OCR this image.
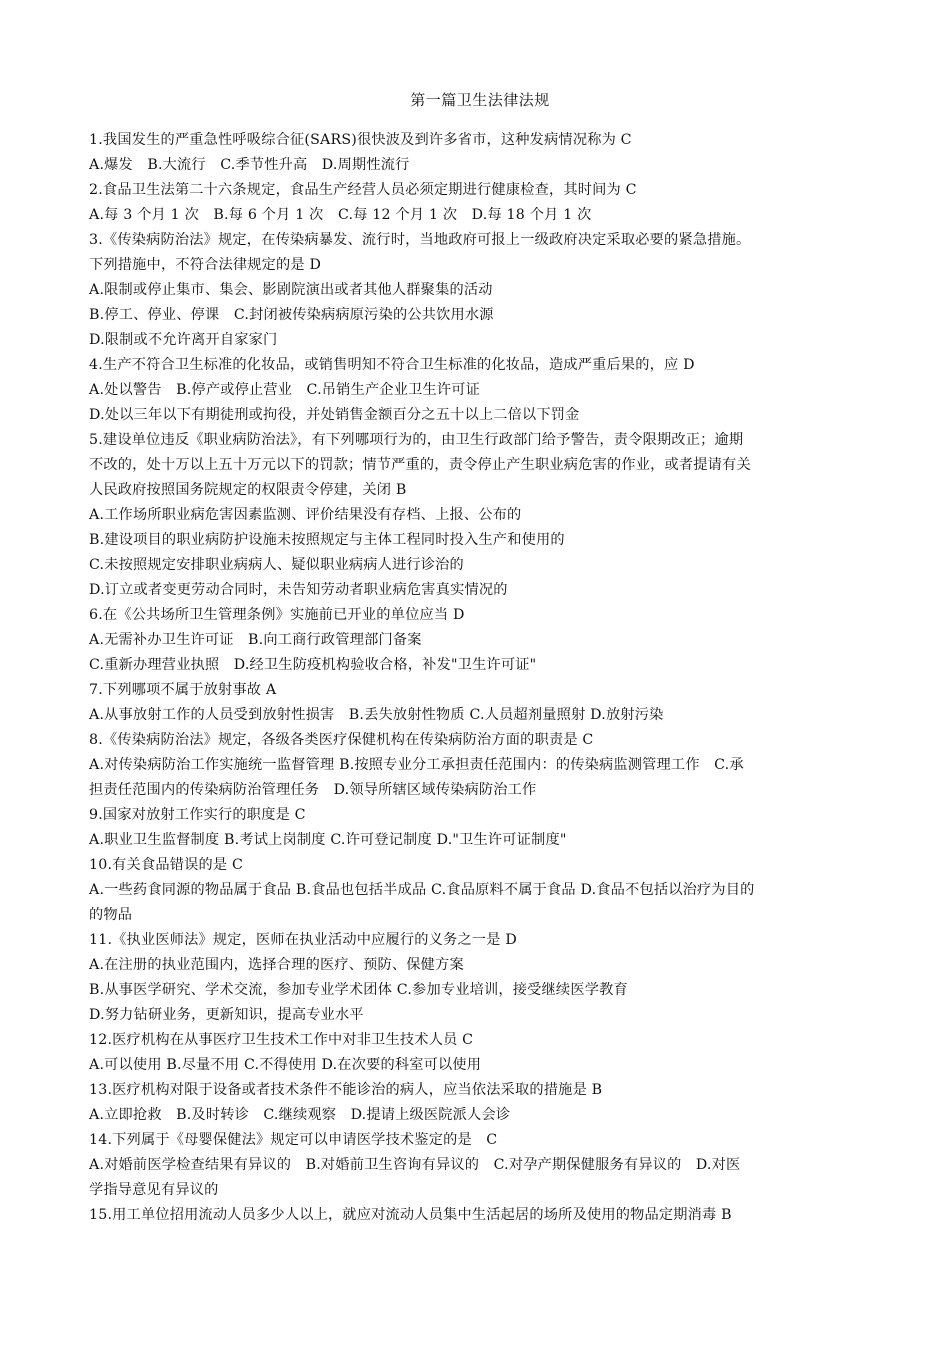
第一篇卫生法律法规
1.我国发生的严重急性呼吸综合征(SARS)很快波及到许多省市，这种发病情况称为 C
A.爆发　B.大流行　C.季节性升高　D.周期性流行
2.食品卫生法第二十六条规定，食品生产经营人员必须定期进行健康检查，其时间为 C
A.每 3 个月 1 次　B.每 6 个月 1 次　C.每 12 个月 1 次　D.每 18 个月 1 次
3.《传染病防治法》规定，在传染病暴发、流行时，当地政府可报上一级政府决定采取必要的紧急措施。
下列措施中，不符合法律规定的是 D
A.限制或停止集市、集会、影剧院演出或者其他人群聚集的活动
B.停工、停业、停课　C.封闭被传染病病原污染的公共饮用水源
D.限制或不允许离开自家家门
4.生产不符合卫生标准的化妆品，或销售明知不符合卫生标准的化妆品，造成严重后果的，应 D
A.处以警告　B.停产或停止营业　C.吊销生产企业卫生许可证
D.处以三年以下有期徒刑或拘役，并处销售金额百分之五十以上二倍以下罚金
5.建设单位违反《职业病防治法》，有下列哪项行为的，由卫生行政部门给予警告，责令限期改正；逾期
不改的，处十万以上五十万元以下的罚款；情节严重的，责令停止产生职业病危害的作业，或者提请有关
人民政府按照国务院规定的权限责令停建，关闭 B
A.工作场所职业病危害因素监测、评价结果没有存档、上报、公布的
B.建设项目的职业病防护设施未按照规定与主体工程同时投入生产和使用的
C.未按照规定安排职业病病人、疑似职业病病人进行诊治的
D.订立或者变更劳动合同时，未告知劳动者职业病危害真实情况的
6.在《公共场所卫生管理条例》实施前已开业的单位应当 D
A.无需补办卫生许可证　B.向工商行政管理部门备案
C.重新办理营业执照　D.经卫生防疫机构验收合格，补发"卫生许可证"
7.下列哪项不属于放射事故 A
A.从事放射工作的人员受到放射性损害　B.丢失放射性物质 C.人员超剂量照射 D.放射污染
8.《传染病防治法》规定，各级各类医疗保健机构在传染病防治方面的职责是 C
A.对传染病防治工作实施统一监督管理 B.按照专业分工承担责任范围内：的传染病监测管理工作　C.承
担责任范围内的传染病防治管理任务　D.领导所辖区域传染病防治工作
9.国家对放射工作实行的职度是 C
A.职业卫生监督制度 B.考试上岗制度 C.许可登记制度 D."卫生许可证制度"
10.有关食品错误的是 C
A.一些药食同源的物品属于食品 B.食品也包括半成品 C.食品原料不属于食品 D.食品不包括以治疗为目的
的物品
11.《执业医师法》规定，医师在执业活动中应履行的义务之一是 D
A.在注册的执业范围内，选择合理的医疗、预防、保健方案
B.从事医学研究、学术交流，参加专业学术团体 C.参加专业培训，接受继续医学教育
D.努力钻研业务，更新知识，提高专业水平
12.医疗机构在从事医疗卫生技术工作中对非卫生技术人员 C
A.可以使用 B.尽量不用 C.不得使用 D.在次要的科室可以使用
13.医疗机构对限于设备或者技术条件不能诊治的病人，应当依法采取的措施是 B
A.立即抢救　B.及时转诊　C.继续观察　D.提请上级医院派人会诊
14.下列属于《母婴保健法》规定可以申请医学技术鉴定的是　C
A.对婚前医学检查结果有异议的　B.对婚前卫生咨询有异议的　C.对孕产期保健服务有异议的　D.对医
学指导意见有异议的
15.用工单位招用流动人员多少人以上，就应对流动人员集中生活起居的场所及使用的物品定期消毒 B
